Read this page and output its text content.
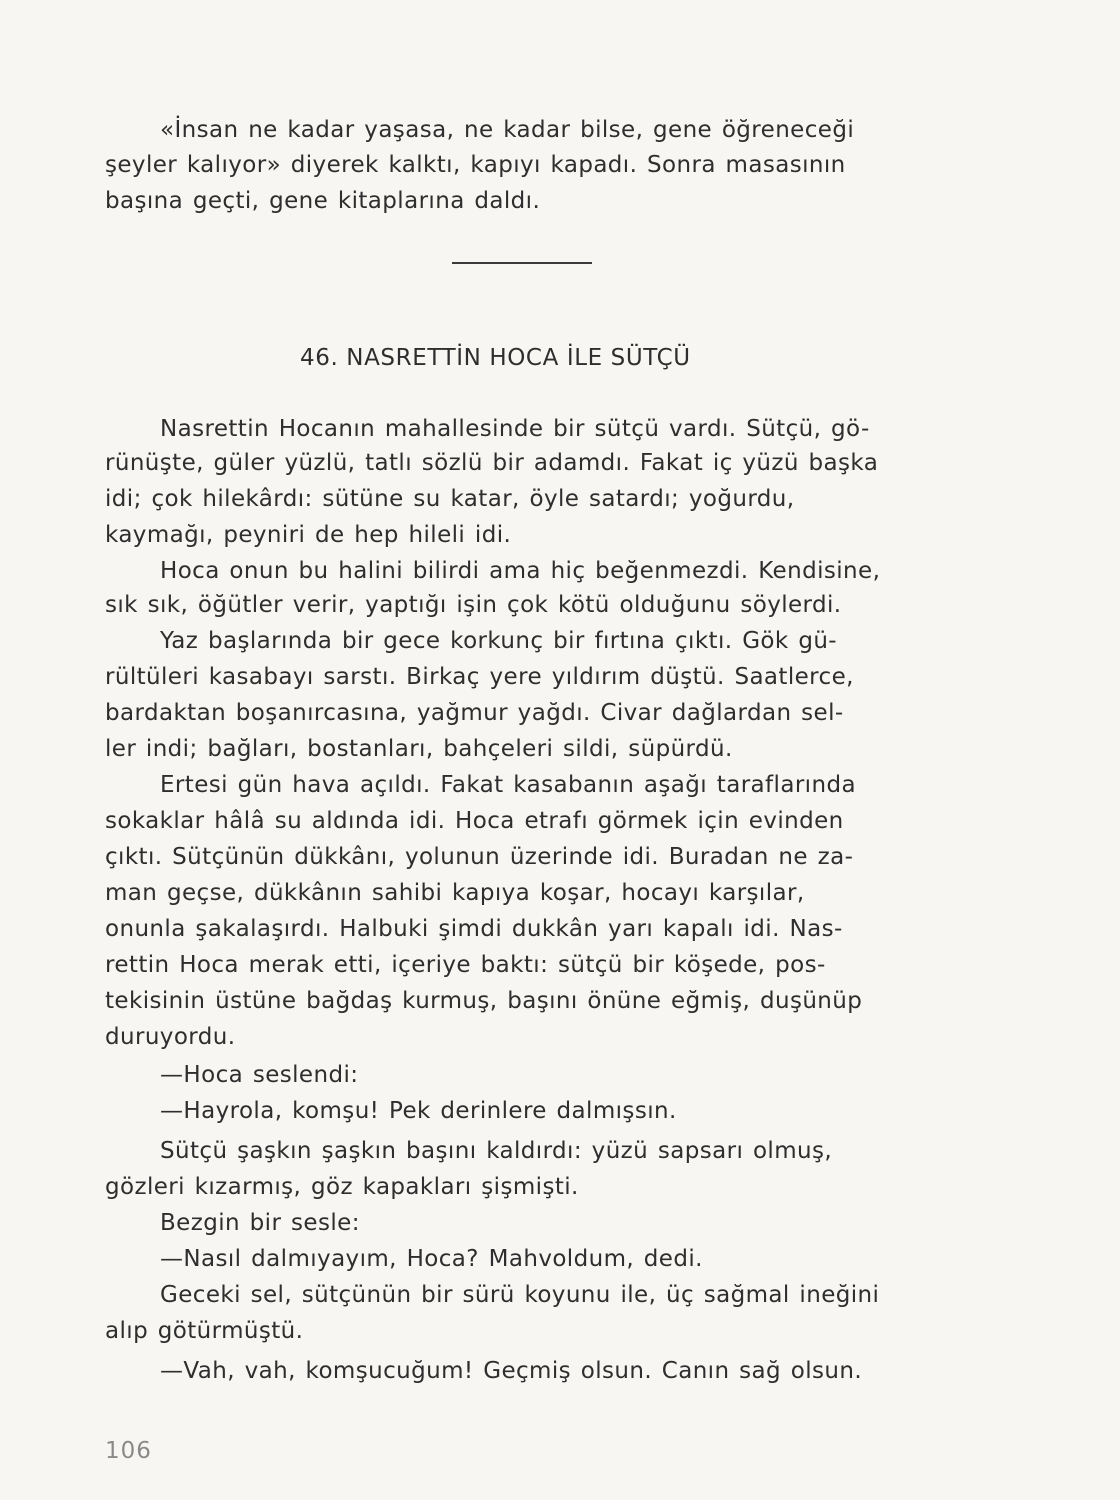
«İnsan ne kadar yaşasa, ne kadar bilse, gene öğreneceği
şeyler kalıyor» diyerek kalktı, kapıyı kapadı. Sonra masasının
başına geçti, gene kitaplarına daldı.
46. NASRETTİN HOCA İLE SÜTÇÜ
Nasrettin Hocanın mahallesinde bir sütçü vardı. Sütçü, gö-
rünüşte, güler yüzlü, tatlı sözlü bir adamdı. Fakat iç yüzü başka
idi; çok hilekârdı: sütüne su katar, öyle satardı; yoğurdu,
kaymağı, peyniri de hep hileli idi.
Hoca onun bu halini bilirdi ama hiç beğenmezdi. Kendisine,
sık sık, öğütler verir, yaptığı işin çok kötü olduğunu söylerdi.
Yaz başlarında bir gece korkunç bir fırtına çıktı. Gök gü-
rültüleri kasabayı sarstı. Birkaç yere yıldırım düştü. Saatlerce,
bardaktan boşanırcasına, yağmur yağdı. Civar dağlardan sel-
ler indi; bağları, bostanları, bahçeleri sildi, süpürdü.
Ertesi gün hava açıldı. Fakat kasabanın aşağı taraflarında
sokaklar hâlâ su aldında idi. Hoca etrafı görmek için evinden
çıktı. Sütçünün dükkânı, yolunun üzerinde idi. Buradan ne za-
man geçse, dükkânın sahibi kapıya koşar, hocayı karşılar,
onunla şakalaşırdı. Halbuki şimdi dukkân yarı kapalı idi. Nas-
rettin Hoca merak etti, içeriye baktı: sütçü bir köşede, pos-
tekisinin üstüne bağdaş kurmuş, başını önüne eğmiş, duşünüp
duruyordu.
—Hoca seslendi:
—Hayrola, komşu! Pek derinlere dalmışsın.
Sütçü şaşkın şaşkın başını kaldırdı: yüzü sapsarı olmuş,
gözleri kızarmış, göz kapakları şişmişti.
Bezgin bir sesle:
—Nasıl dalmıyayım, Hoca? Mahvoldum, dedi.
Geceki sel, sütçünün bir sürü koyunu ile, üç sağmal ineğini
alıp götürmüştü.
—Vah, vah, komşucuğum! Geçmiş olsun. Canın sağ olsun.
106
